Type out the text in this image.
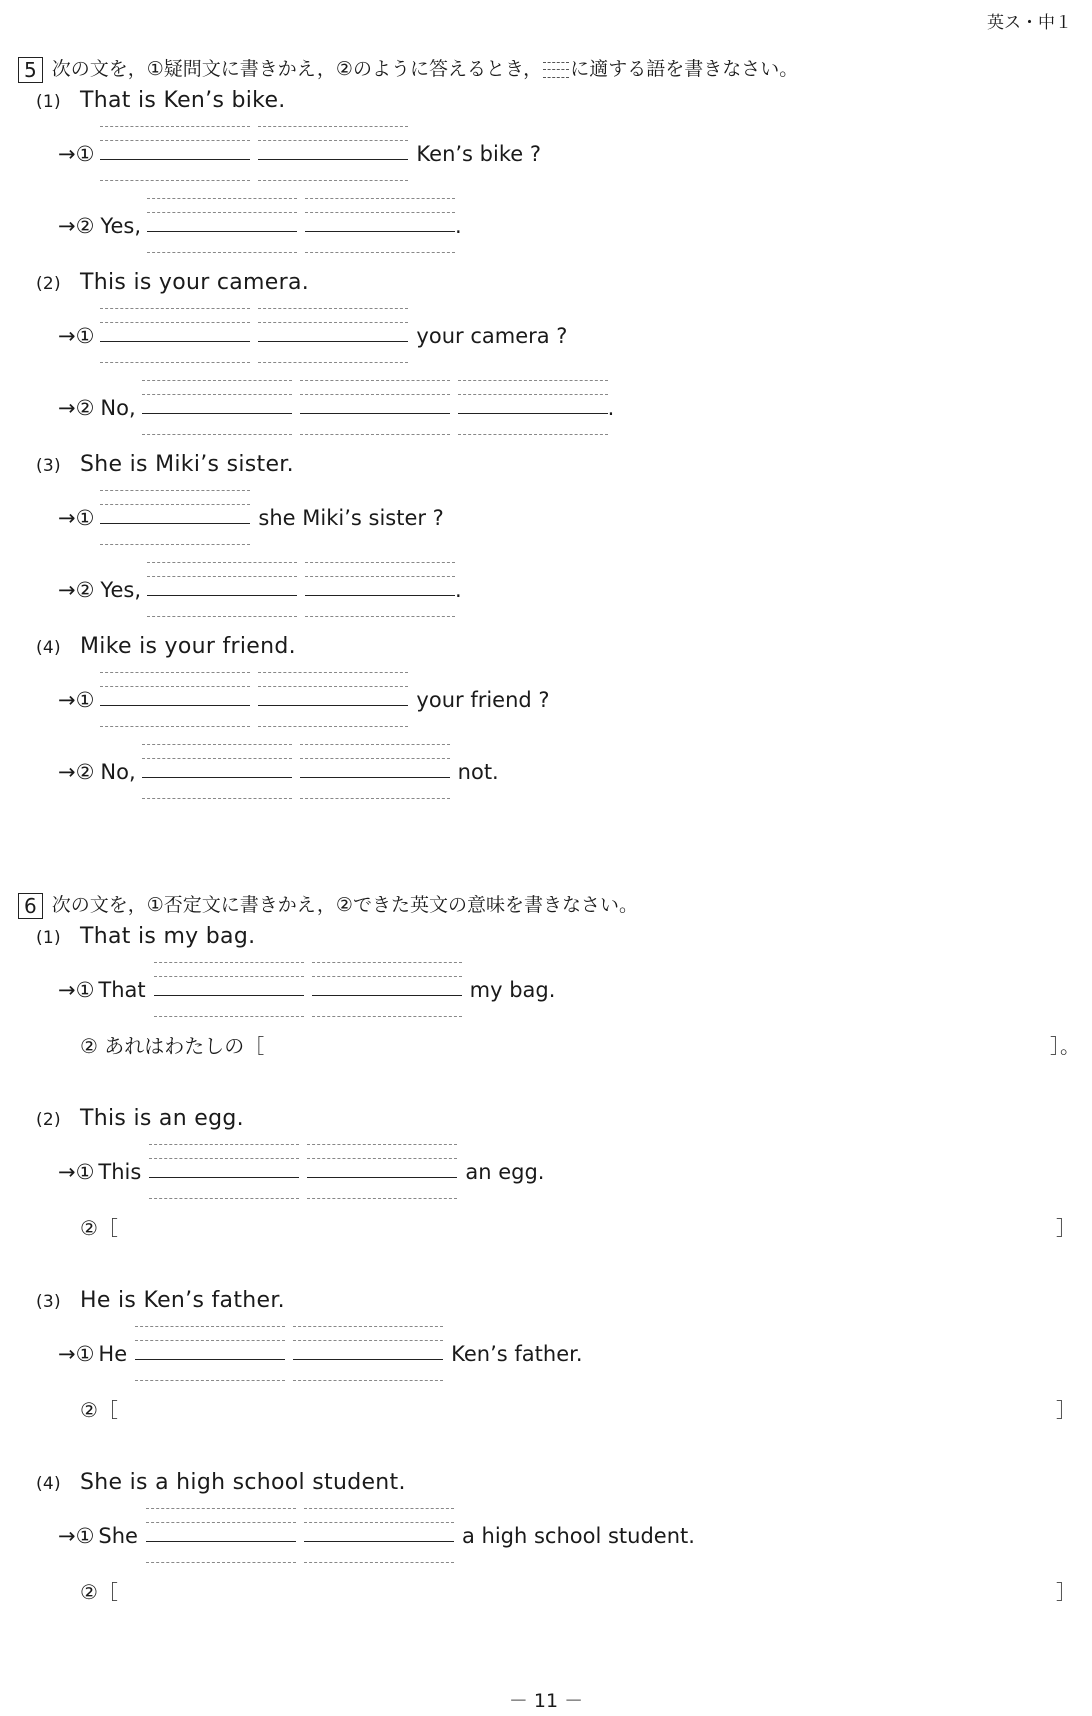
英ス・中１
5 次の文を，①疑問文に書きかえ，②のように答えるとき， に適する語を書きなさい。
(1) That is Ken’s bike.
→①	Ken’s bike ?
→② Yes,	.
(2) This is your camera.
→①	your camera ?
→② No,	.
(3) She is Miki’s sister.
→①	she Miki’s sister ?
→② Yes,	.
(4) Mike is your friend.
→①	your friend ?
→② No,	not.
6 次の文を，①否定文に書きかえ，②できた英文の意味を書きなさい。
(1) That is my bag.
→① That	my bag.
② あれはわたしの［	］。
(2) This is an egg.
→① This	an egg.
②［	］
(3) He is Ken’s father.
→① He	Ken’s father.
②［	］
(4) She is a high school student.
→① She	a high school student.
②［	］
－ 11 －
